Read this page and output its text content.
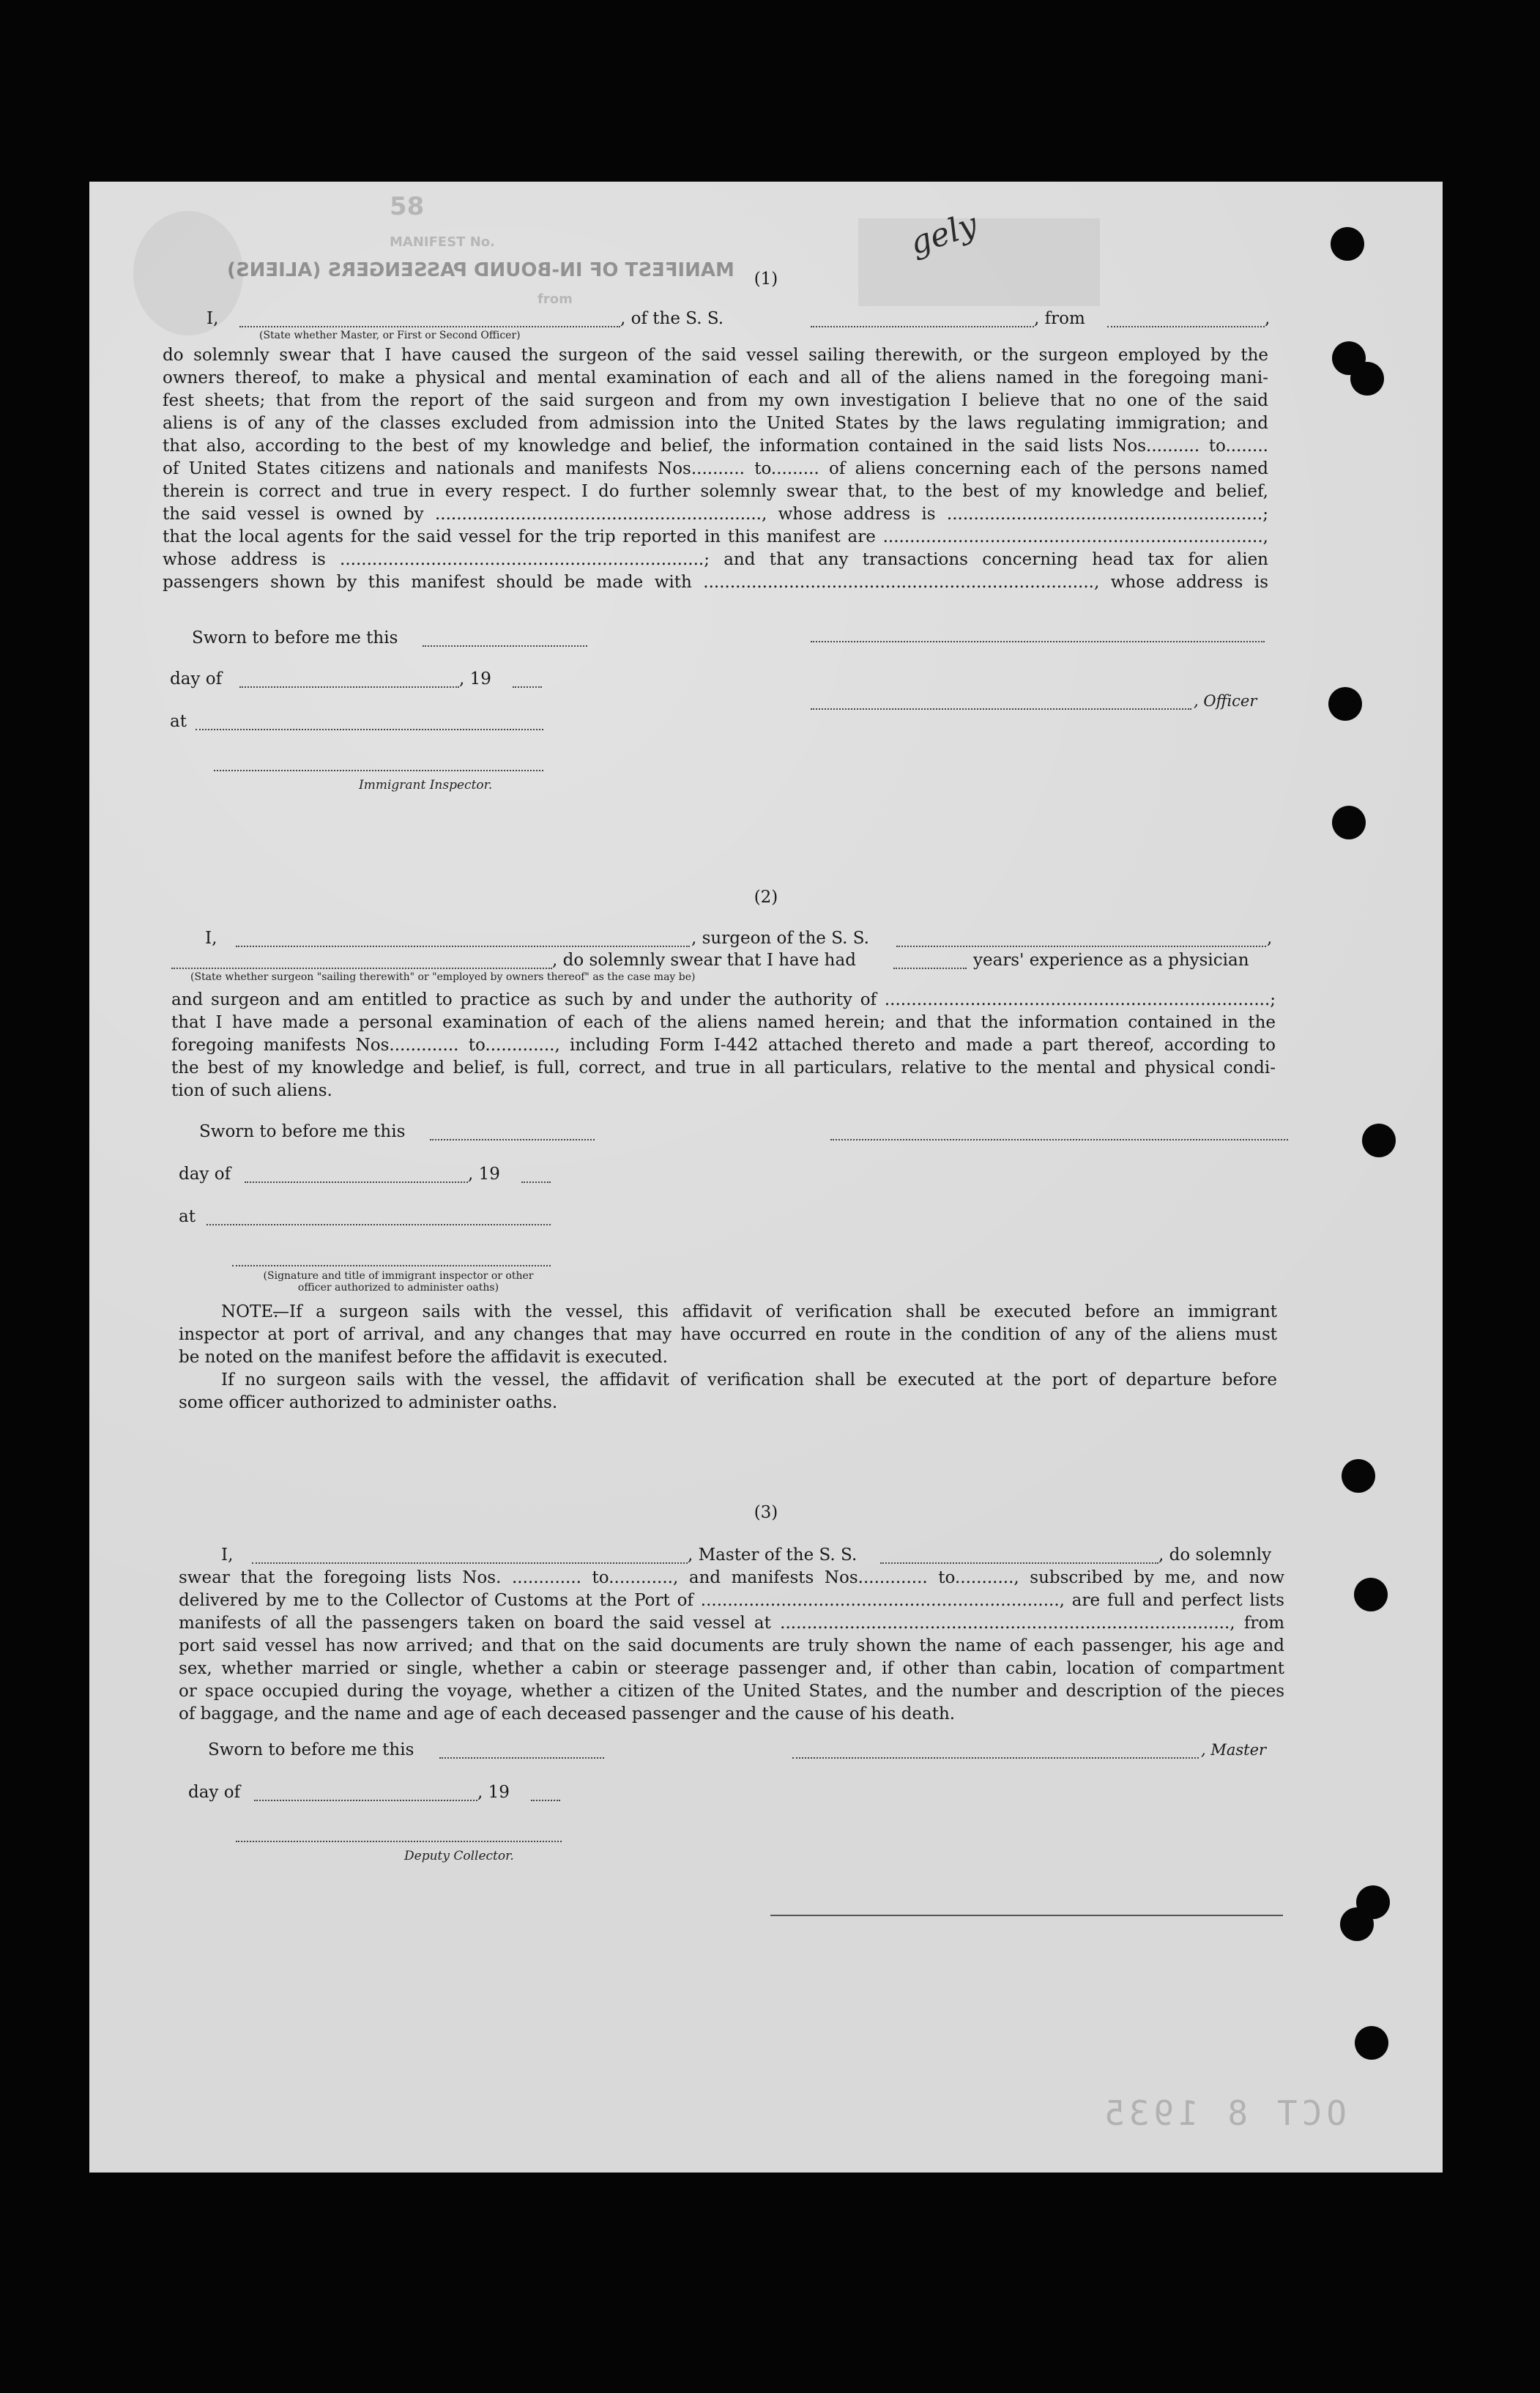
58
MANIFEST No.
MANIFEST OF IN-BOUND PASSENGERS (ALIENS)
from
gely
(1)
I,	, of the S. S.	, from	,
(State whether Master, or First or Second Officer)
do solemnly swear that I have caused the surgeon of the said vessel sailing therewith, or the surgeon employed by the
owners thereof, to make a physical and mental examination of each and all of the aliens named in the foregoing mani-
fest sheets; that from the report of the said surgeon and from my own investigation I believe that no one of the said
aliens is of any of the classes excluded from admission into the United States by the laws regulating immigration; and
that also, according to the best of my knowledge and belief, the information contained in the said lists Nos.......... to........
of United States citizens and nationals and manifests Nos.......... to......... of aliens concerning each of the persons named
therein is correct and true in every respect. I do further solemnly swear that, to the best of my knowledge and belief,
the said vessel is owned by ............................................................., whose address is ...........................................................;
that the local agents for the said vessel for the trip reported in this manifest are .......................................................................,
whose address is ....................................................................; and that any transactions concerning head tax for alien
passengers shown by this manifest should be made with ........................................................................., whose address is
Sworn to before me this
day of	, 19
at
Immigrant Inspector.
, Officer
(2)
I,	, surgeon of the S. S.	,
, do solemnly swear that I have had	years' experience as a physician
(State whether surgeon "sailing therewith" or "employed by owners thereof" as the case may be)
and surgeon and am entitled to practice as such by and under the authority of ........................................................................;
that I have made a personal examination of each of the aliens named herein; and that the information contained in the
foregoing manifests Nos............. to............., including Form I-442 attached thereto and made a part thereof, according to
the best of my knowledge and belief, is full, correct, and true in all particulars, relative to the mental and physical condi-
tion of such aliens.
Sworn to before me this
day of	, 19
at
(Signature and title of immigrant inspector or other officer authorized to administer oaths)
NOTE.
—If a surgeon sails with the vessel, this affidavit of verification shall be executed before an immigrant
inspector at port of arrival, and any changes that may have occurred en route in the condition of any of the aliens must
be noted on the manifest before the affidavit is executed.
If no surgeon sails with the vessel, the affidavit of verification shall be executed at the port of departure before
some officer authorized to administer oaths.
(3)
I,	, Master of the S. S.	, do solemnly
swear that the foregoing lists Nos. ............. to............, and manifests Nos............. to..........., subscribed by me, and now
delivered by me to the Collector of Customs at the Port of ..................................................................., are full and perfect lists
manifests of all the passengers taken on board the said vessel at ...................................................................................., from
port said vessel has now arrived; and that on the said documents are truly shown the name of each passenger, his age and
sex, whether married or single, whether a cabin or steerage passenger and, if other than cabin, location of compartment
or space occupied during the voyage, whether a citizen of the United States, and the number and description of the pieces
of baggage, and the name and age of each deceased passenger and the cause of his death.
Sworn to before me this
day of	, 19
Deputy Collector.
, Master
OCT 8 1935
